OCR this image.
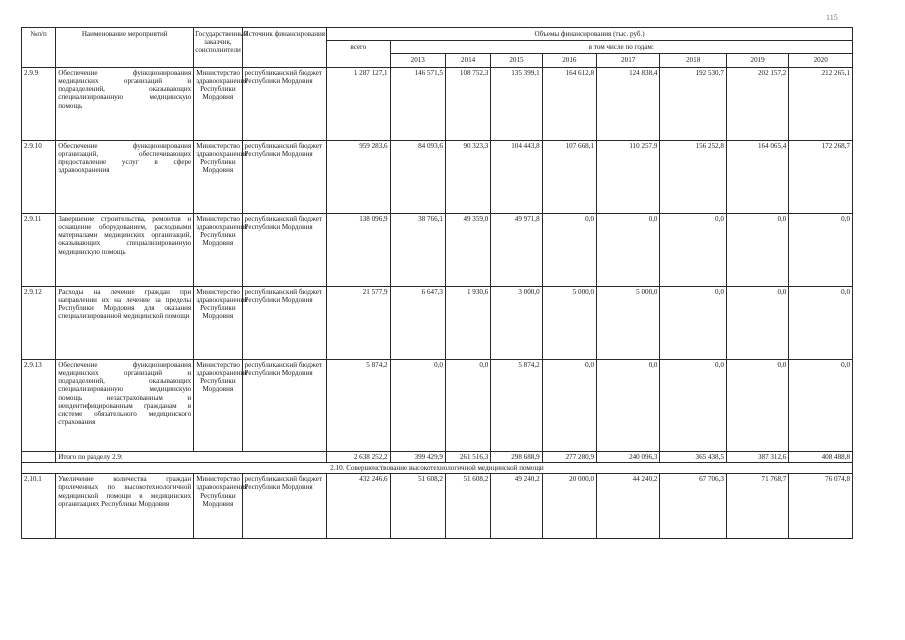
115
№п/п	Наименование мероприятий	Государственный заказчик, соисполнители	Источник финансирования	Объемы финансирования (тыс. руб.)								
				всего	в том числе по годам:							
					2013	2014	2015	2016	2017	2018	2019	2020
2.9.9	Обеспечение функционирования медицинских организаций и подразделений, оказывающих специализированную медицинскую помощь	Министерство здравоохранения Республики Мордовия	республиканский бюджет Республики Мордовия	1 287 127,1	146 571,5	108 752,3	135 399,1	164 612,8	124 838,4	192 530,7	202 157,2	212 265,1
2.9.10	Обеспечение функционирования организаций, обеспечивающих предоставление услуг в сфере здравоохранения	Министерство здравоохранения Республики Мордовия	республиканский бюджет Республики Мордовия	959 283,6	84 093,6	90 323,3	104 443,8	107 668,1	110 257,9	156 252,8	164 065,4	172 268,7
2.9.11	Завершение строительства, ремонтов и оснащение оборудованием, расходными материалами медицинских организаций, оказывающих специализированную медицинскую помощь	Министерство здравоохранения Республики Мордовия	республиканский бюджет Республики Мордовия	138 096,9	38 766,1	49 359,0	49 971,8	0,0	0,0	0,0	0,0	0,0
2.9.12	Расходы на лечение граждан при направлении их на лечение за пределы Республики Мордовия для оказания специализированной медицинской помощи	Министерство здравоохранения Республики Мордовия	республиканский бюджет Республики Мордовия	21 577,9	6 647,3	1 930,6	3 000,0	5 000,0	5 000,0	0,0	0,0	0,0
2.9.13	Обеспечение функционирования медицинских организаций и подразделений, оказывающих специализированную медицинскую помощь незастрахованным и неидентифицированным гражданам в системе обязательного медицинского страхования	Министерство здравоохранения Республики Мордовия	республиканский бюджет Республики Мордовия	5 874,2	0,0	0,0	5 874,2	0,0	0,0	0,0	0,0	0,0
	Итого по разделу 2.9:			2 638 252,2	399 429,9	261 516,3	298 688,9	277 280,9	240 096,3	365 438,5	387 312,6	408 488,8
2.10. Совершенствование высокотехнологичной медицинской помощи												
2.10.1	Увеличение количества граждан пролеченных по высокотехнологичной медицинской помощи в медицинских организациях Республики Мордовия	Министерство здравоохранения Республики Мордовия	республиканский бюджет Республики Мордовия	432 246,6	51 608,2	51 608,2	49 240,2	20 000,0	44 240,2	67 706,3	71 768,7	76 074,8
